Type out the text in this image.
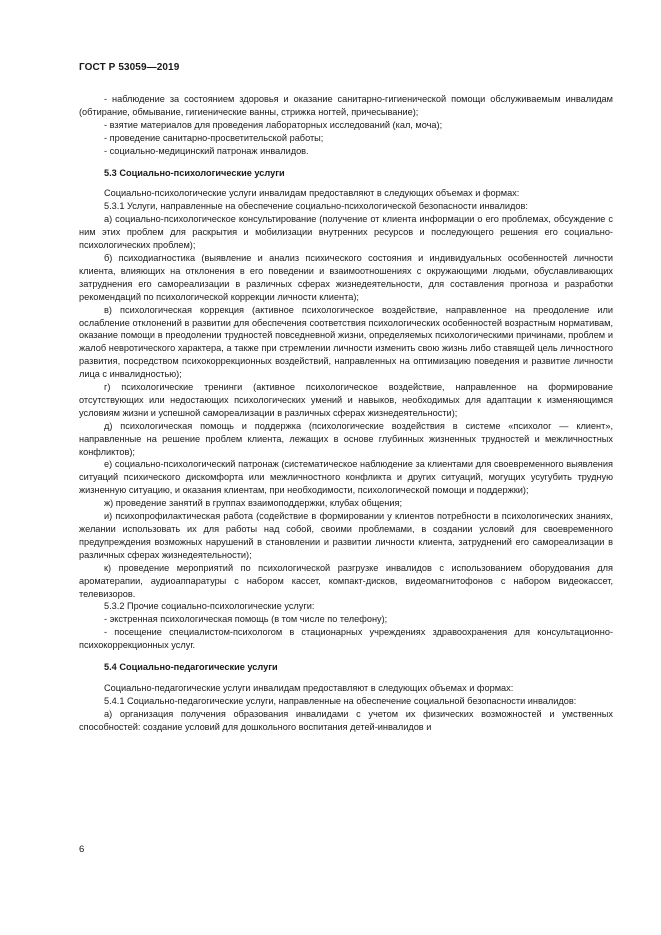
ГОСТ Р 53059—2019

- наблюдение за состоянием здоровья и оказание санитарно-гигиенической помощи обслуживаемым инвалидам (обтирание, обмывание, гигиенические ванны, стрижка ногтей, причесывание);

- взятие материалов для проведения лабораторных исследований (кал, моча);

- проведение санитарно-просветительской работы;

- социально-медицинский патронаж инвалидов.

5.3 Социально-психологические услуги

Социально-психологические услуги инвалидам предоставляют в следующих объемах и формах:

5.3.1 Услуги, направленные на обеспечение социально-психологической безопасности инвалидов:

а) социально-психологическое консультирование (получение от клиента информации о его проблемах, обсуждение с ним этих проблем для раскрытия и мобилизации внутренних ресурсов и последующего решения его социально-психологических проблем);

б) психодиагностика (выявление и анализ психического состояния и индивидуальных особенностей личности клиента, влияющих на отклонения в его поведении и взаимоотношениях с окружающими людьми, обуславливающих затруднения его самореализации в различных сферах жизнедеятельности, для составления прогноза и разработки рекомендаций по психологической коррекции личности клиента);

в) психологическая коррекция (активное психологическое воздействие, направленное на преодоление или ослабление отклонений в развитии для обеспечения соответствия психологических особенностей возрастным нормативам, оказание помощи в преодолении трудностей повседневной жизни, определяемых психологическими причинами, проблем и жалоб невротического характера, а также при стремлении личности изменить свою жизнь либо ставящей цель личностного развития, посредством психокоррекционных воздействий, направленных на оптимизацию поведения и развитие личности лица с инвалидностью);

г) психологические тренинги (активное психологическое воздействие, направленное на формирование отсутствующих или недостающих психологических умений и навыков, необходимых для адаптации к изменяющимся условиям жизни и успешной самореализации в различных сферах жизнедеятельности);

д) психологическая помощь и поддержка (психологические воздействия в системе «психолог — клиент», направленные на решение проблем клиента, лежащих в основе глубинных жизненных трудностей и межличностных конфликтов);

е) социально-психологический патронаж (систематическое наблюдение за клиентами для своевременного выявления ситуаций психического дискомфорта или межличностного конфликта и других ситуаций, могущих усугубить трудную жизненную ситуацию, и оказания клиентам, при необходимости, психологической помощи и поддержки);

ж) проведение занятий в группах взаимоподдержки, клубах общения;

и) психопрофилактическая работа (содействие в формировании у клиентов потребности в психологических знаниях, желании использовать их для работы над собой, своими проблемами, в создании условий для своевременного предупреждения возможных нарушений в становлении и развитии личности клиента, затруднений его самореализации в различных сферах жизнедеятельности);

к) проведение мероприятий по психологической разгрузке инвалидов с использованием оборудования для ароматерапии, аудиоаппаратуры с набором кассет, компакт-дисков, видеомагнитофонов с набором видеокассет, телевизоров.

5.3.2 Прочие социально-психологические услуги:

- экстренная психологическая помощь (в том числе по телефону);

- посещение специалистом-психологом в стационарных учреждениях здравоохранения для консультационно-психокоррекционных услуг.

5.4 Социально-педагогические услуги

Социально-педагогические услуги инвалидам предоставляют в следующих объемах и формах:

5.4.1 Социально-педагогические услуги, направленные на обеспечение социальной безопасности инвалидов:

а) организация получения образования инвалидами с учетом их физических возможностей и умственных способностей: создание условий для дошкольного воспитания детей-инвалидов и

6
